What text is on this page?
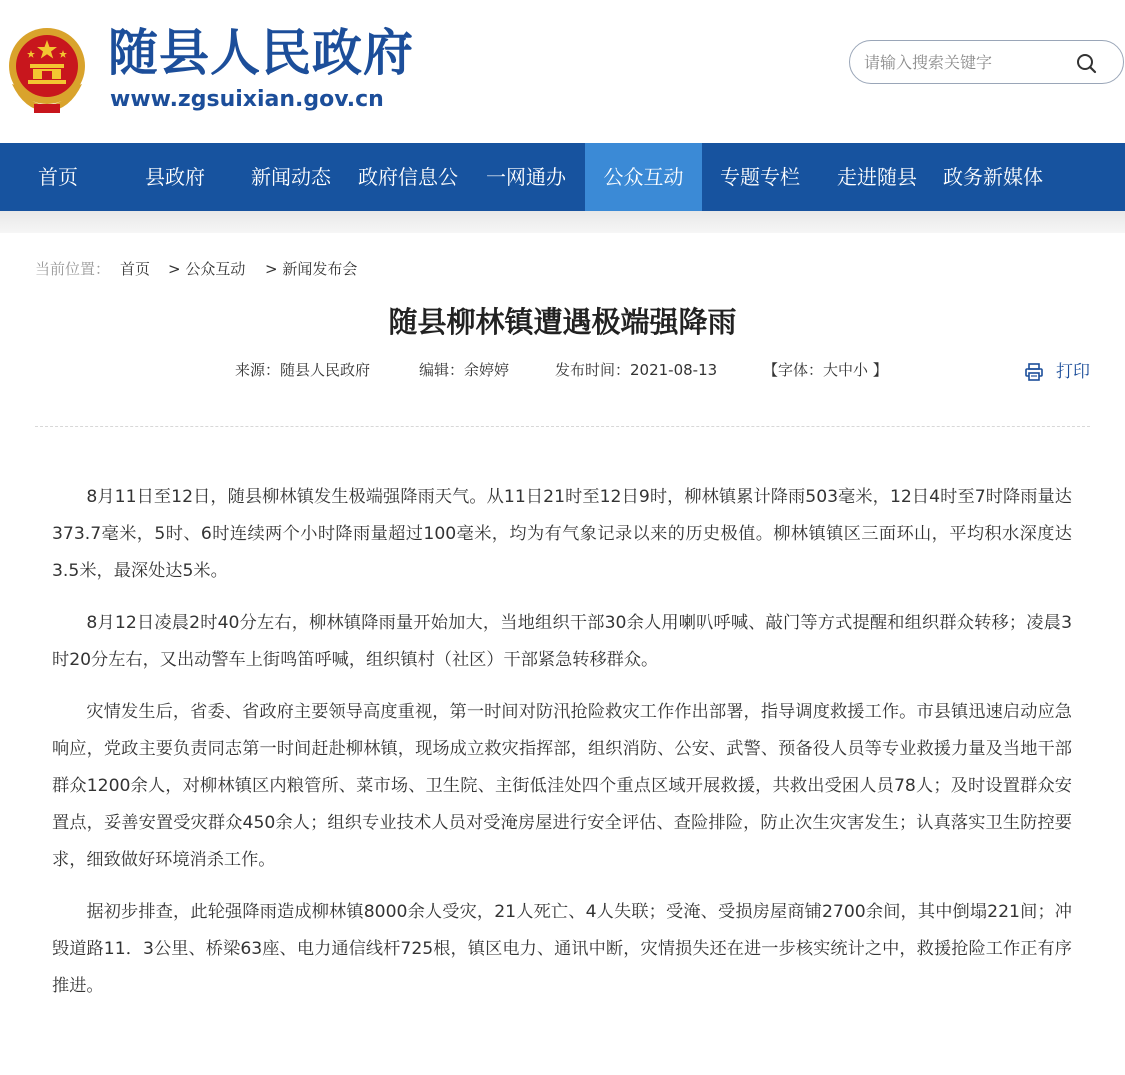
随县人民政府
www.zgsuixian.gov.cn
请输入搜索关键字
首页	县政府 新闻动态 政府信息公 一网通办	公众互动	专题专栏 走进随县 政务新媒体
当前位置： 首页 > 公众互动 > 新闻发布会
随县柳林镇遭遇极端强降雨
来源：随县人民政府	编辑：余婷婷	发布时间：2021-08-13	【字体：大中小 】	打印

8月11日至12日，随县柳林镇发生极端强降雨天气。从11日21时至12日9时，柳林镇累计降雨503毫米，12日4时至7时降雨量达373.7毫米，5时、6时连续两个小时降雨量超过100毫米，均为有气象记录以来的历史极值。柳林镇镇区三面环山，平均积水深度达3.5米，最深处达5米。

8月12日凌晨2时40分左右，柳林镇降雨量开始加大，当地组织干部30余人用喇叭呼喊、敲门等方式提醒和组织群众转移；凌晨3时20分左右，又出动警车上街鸣笛呼喊，组织镇村（社区）干部紧急转移群众。

灾情发生后，省委、省政府主要领导高度重视，第一时间对防汛抢险救灾工作作出部署，指导调度救援工作。市县镇迅速启动应急响应，党政主要负责同志第一时间赶赴柳林镇，现场成立救灾指挥部，组织消防、公安、武警、预备役人员等专业救援力量及当地干部群众1200余人，对柳林镇区内粮管所、菜市场、卫生院、主街低洼处四个重点区域开展救援，共救出受困人员78人；及时设置群众安置点，妥善安置受灾群众450余人；组织专业技术人员对受淹房屋进行安全评估、查险排险，防止次生灾害发生；认真落实卫生防控要求，细致做好环境消杀工作。

据初步排查，此轮强降雨造成柳林镇8000余人受灾，21人死亡、4人失联；受淹、受损房屋商铺2700余间，其中倒塌221间；冲毁道路11．3公里、桥梁63座、电力通信线杆725根，镇区电力、通讯中断，灾情损失还在进一步核实统计之中，救援抢险工作正有序推进。
